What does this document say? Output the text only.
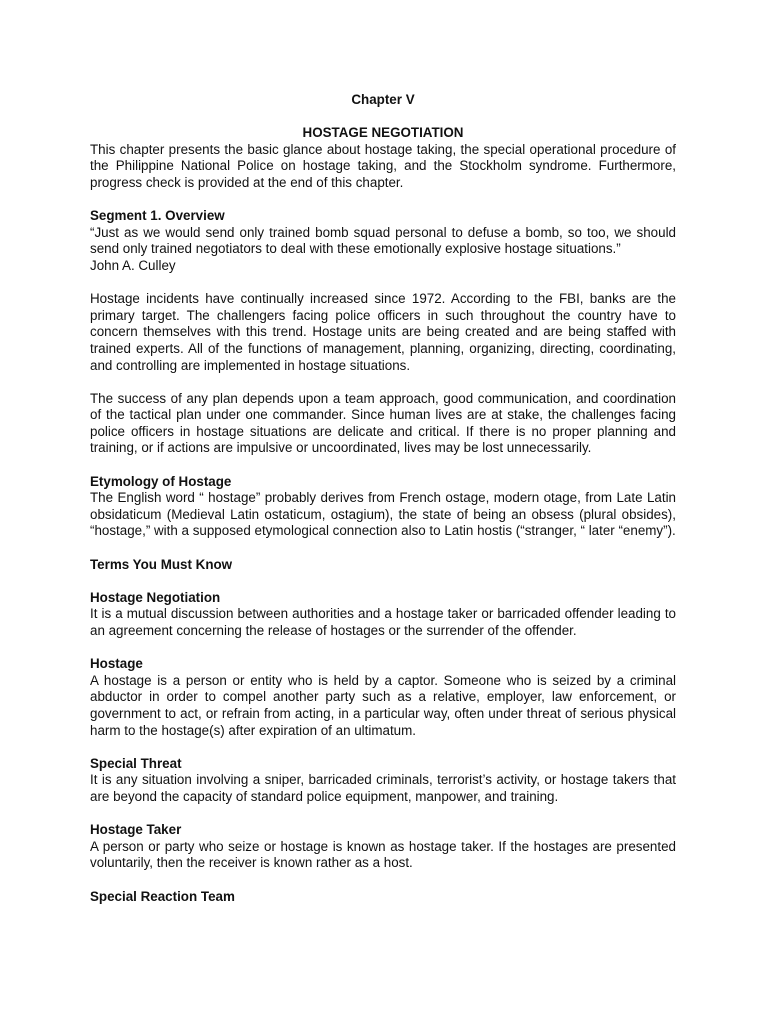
Chapter V
HOSTAGE NEGOTIATION

This chapter presents the basic glance about hostage taking, the special operational procedure of the Philippine National Police on hostage taking, and the Stockholm syndrome. Furthermore, progress check is provided at the end of this chapter.

Segment 1. Overview

“Just as we would send only trained bomb squad personal to defuse a bomb, so too, we should send only trained negotiators to deal with these emotionally explosive hostage situations.”

John A. Culley

Hostage incidents have continually increased since 1972. According to the FBI, banks are the primary target. The challengers facing police officers in such throughout the country have to concern themselves with this trend. Hostage units are being created and are being staffed with trained experts. All of the functions of management, planning, organizing, directing, coordinating, and controlling are implemented in hostage situations.

The success of any plan depends upon a team approach, good communication, and coordination of the tactical plan under one commander. Since human lives are at stake, the challenges facing police officers in hostage situations are delicate and critical. If there is no proper planning and training, or if actions are impulsive or uncoordinated, lives may be lost unnecessarily.

Etymology of Hostage

The English word “ hostage” probably derives from French ostage, modern otage, from Late Latin obsidaticum (Medieval Latin ostaticum, ostagium), the state of being an obsess (plural obsides), “hostage,” with a supposed etymological connection also to Latin hostis (“stranger, “ later “enemy”).

Terms You Must Know
Hostage Negotiation

It is a mutual discussion between authorities and a hostage taker or barricaded offender leading to an agreement concerning the release of hostages or the surrender of the offender.

Hostage

A hostage is a person or entity who is held by a captor. Someone who is seized by a criminal abductor in order to compel another party such as a relative, employer, law enforcement, or government to act, or refrain from acting, in a particular way, often under threat of serious physical harm to the hostage(s) after expiration of an ultimatum.

Special Threat

It is any situation involving a sniper, barricaded criminals, terrorist’s activity, or hostage takers that are beyond the capacity of standard police equipment, manpower, and training.

Hostage Taker

A person or party who seize or hostage is known as hostage taker. If the hostages are presented voluntarily, then the receiver is known rather as a host.

Special Reaction Team
